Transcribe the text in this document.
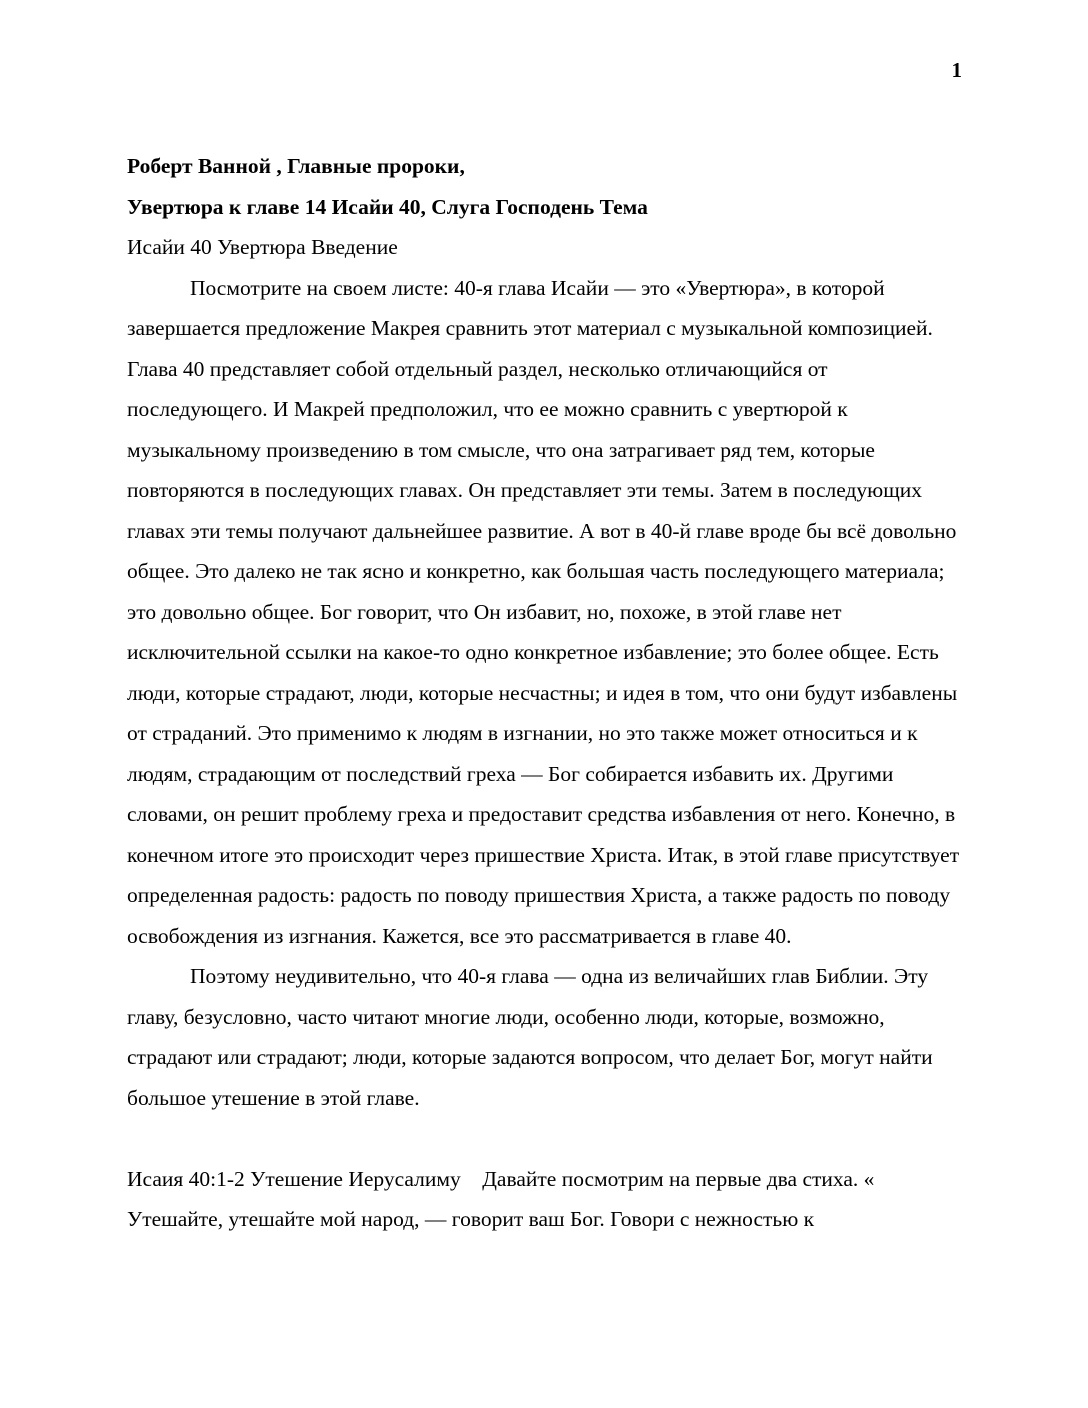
1

Роберт Ванной , Главные пророки,

Увертюра к главе 14 Исайи 40, Слуга Господень Тема

Исайи 40 Увертюра Введение

Посмотрите на своем листе: 40-я глава Исайи — это «Увертюра», в которой завершается предложение Макрея сравнить этот материал с музыкальной композицией. Глава 40 представляет собой отдельный раздел, несколько отличающийся от последующего. И Макрей предположил, что ее можно сравнить с увертюрой к музыкальному произведению в том смысле, что она затрагивает ряд тем, которые повторяются в последующих главах. Он представляет эти темы. Затем в последующих главах эти темы получают дальнейшее развитие. А вот в 40-й главе вроде бы всё довольно общее. Это далеко не так ясно и конкретно, как большая часть последующего материала; это довольно общее. Бог говорит, что Он избавит, но, похоже, в этой главе нет исключительной ссылки на какое-то одно конкретное избавление; это более общее. Есть люди, которые страдают, люди, которые несчастны; и идея в том, что они будут избавлены от страданий. Это применимо к людям в изгнании, но это также может относиться и к людям, страдающим от последствий греха — Бог собирается избавить их. Другими словами, он решит проблему греха и предоставит средства избавления от него. Конечно, в конечном итоге это происходит через пришествие Христа. Итак, в этой главе присутствует определенная радость: радость по поводу пришествия Христа, а также радость по поводу освобождения из изгнания. Кажется, все это рассматривается в главе 40.

Поэтому неудивительно, что 40-я глава — одна из величайших глав Библии. Эту главу, безусловно, часто читают многие люди, особенно люди, которые, возможно, страдают или страдают; люди, которые задаются вопросом, что делает Бог, могут найти большое утешение в этой главе.

Исаия 40:1-2 Утешение Иерусалиму    Давайте посмотрим на первые два стиха. « Утешайте, утешайте мой народ, — говорит ваш Бог. Говори с нежностью к
